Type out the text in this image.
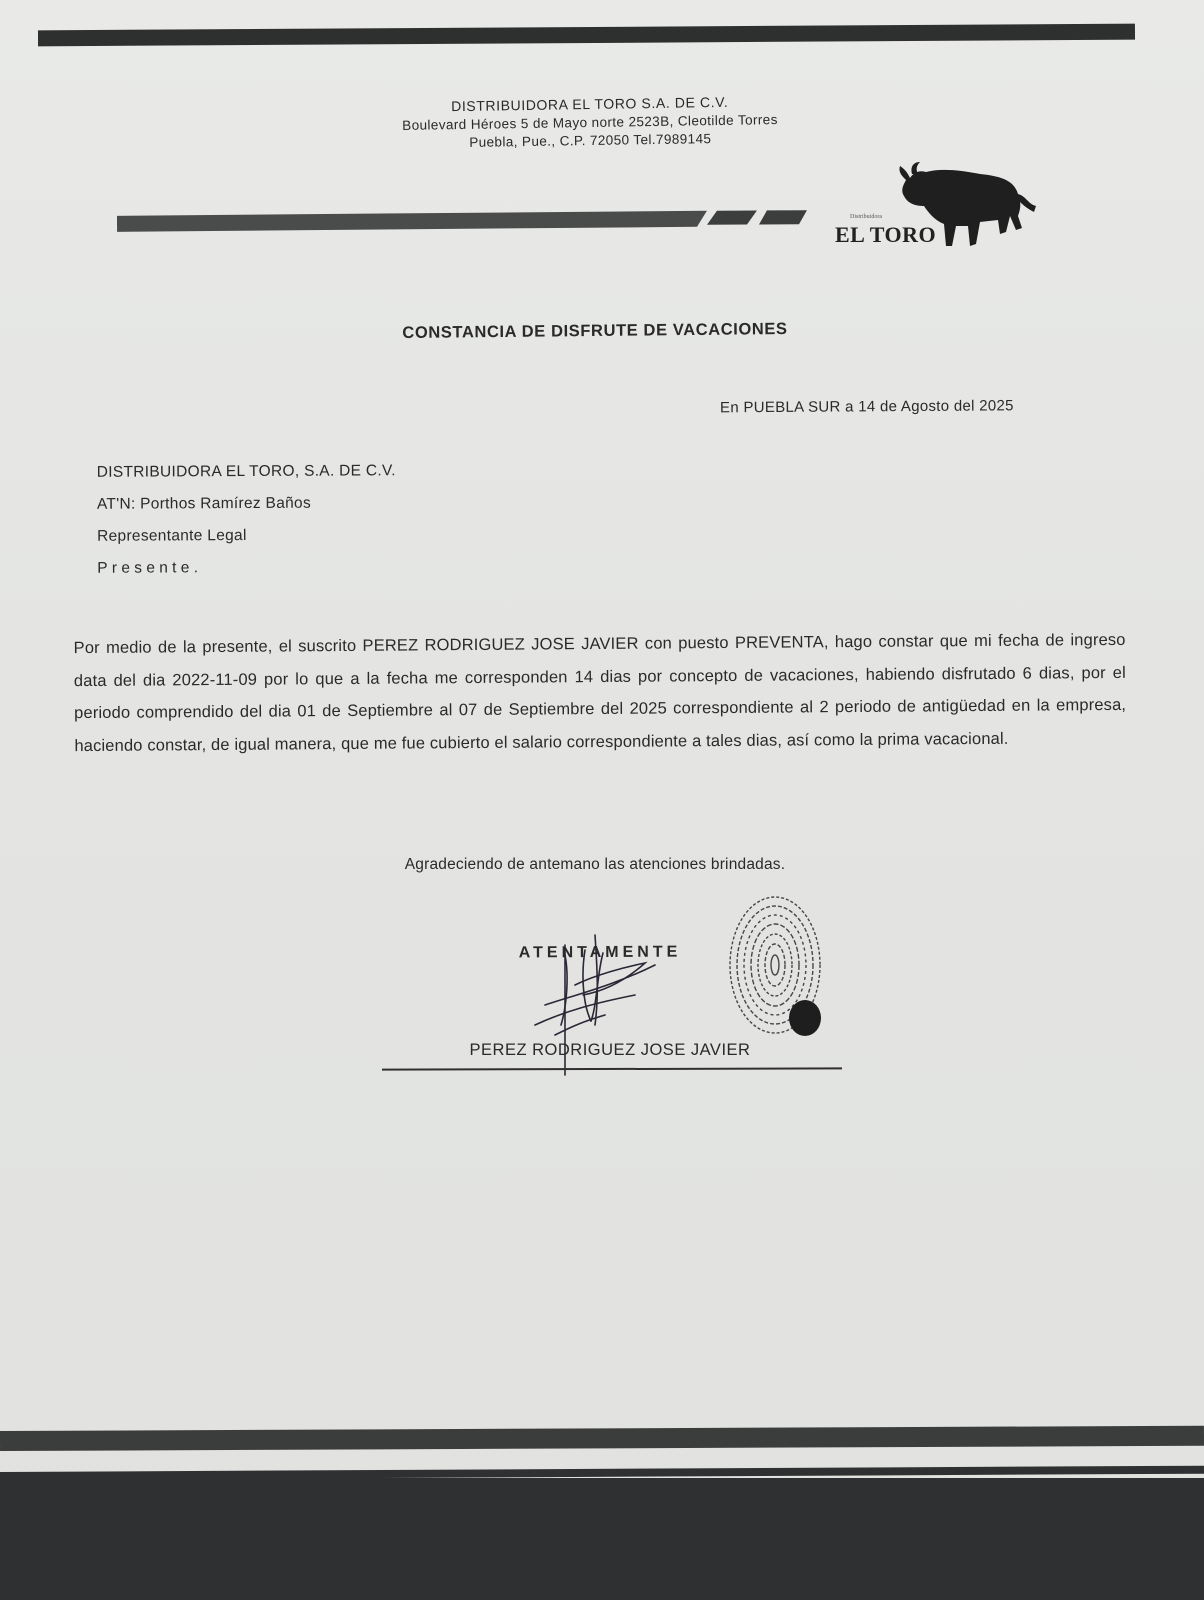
DISTRIBUIDORA EL TORO S.A. DE C.V.
Boulevard Héroes 5 de Mayo norte 2523B, Cleotilde Torres
Puebla, Pue., C.P. 72050 Tel.7989145
Distribuidora
EL TORO
CONSTANCIA DE DISFRUTE DE VACACIONES
En PUEBLA SUR a 14 de Agosto del 2025
DISTRIBUIDORA EL TORO, S.A. DE C.V.
AT'N: Porthos Ramírez Baños
Representante Legal
Presente.
Por medio de la presente, el suscrito PEREZ RODRIGUEZ JOSE JAVIER con puesto PREVENTA, hago constar que mi fecha de ingreso data del dia 2022-11-09 por lo que a la fecha me corresponden 14 dias por concepto de vacaciones, habiendo disfrutado 6 dias, por el periodo comprendido del dia 01 de Septiembre al 07 de Septiembre del 2025 correspondiente al 2 periodo de antigüedad en la empresa, haciendo constar, de igual manera, que me fue cubierto el salario correspondiente a tales dias, así como la prima vacacional.
Agradeciendo de antemano las atenciones brindadas.
ATENTAMENTE
PEREZ RODRIGUEZ JOSE JAVIER
